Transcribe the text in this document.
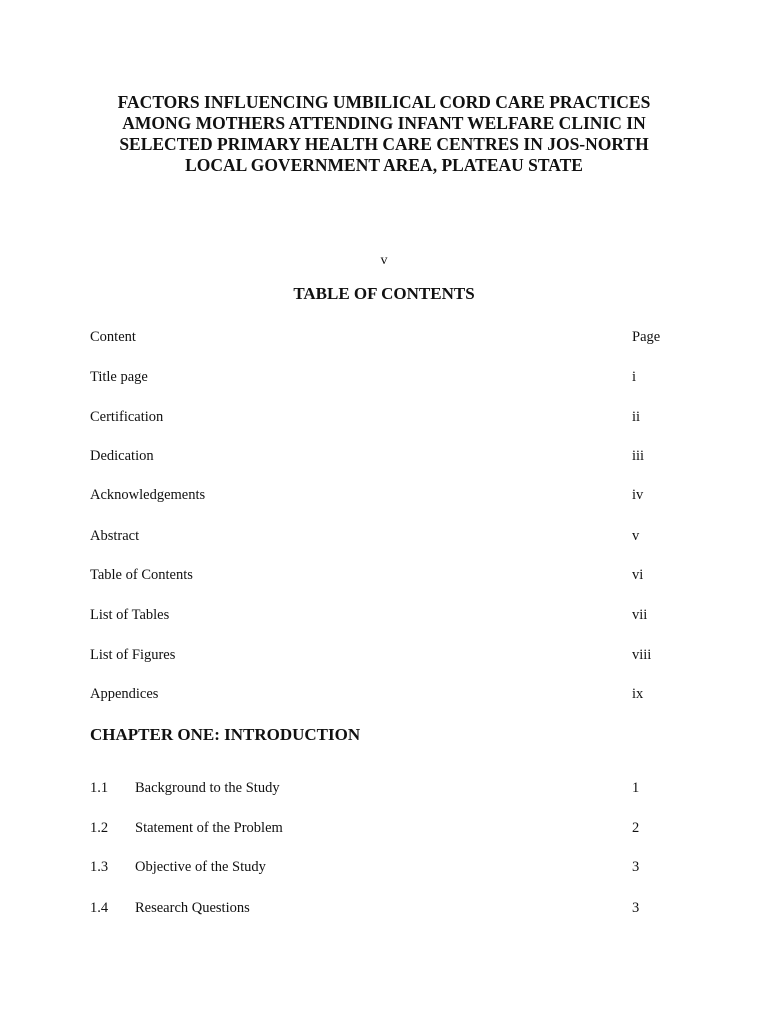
FACTORS INFLUENCING UMBILICAL CORD CARE PRACTICES
AMONG MOTHERS ATTENDING INFANT WELFARE CLINIC IN
SELECTED PRIMARY HEALTH CARE CENTRES IN JOS-NORTH
LOCAL GOVERNMENT AREA, PLATEAU STATE
v
TABLE OF CONTENTS
Content	Page
Title page	i
Certification	ii
Dedication	iii
Acknowledgements	iv
Abstract	v
Table of Contents	vi
List of Tables	vii
List of Figures	viii
Appendices	ix
CHAPTER ONE: INTRODUCTION
1.1 Background to the Study	1
1.2 Statement of the Problem	2
1.3 Objective of the Study	3
1.4 Research Questions	3
